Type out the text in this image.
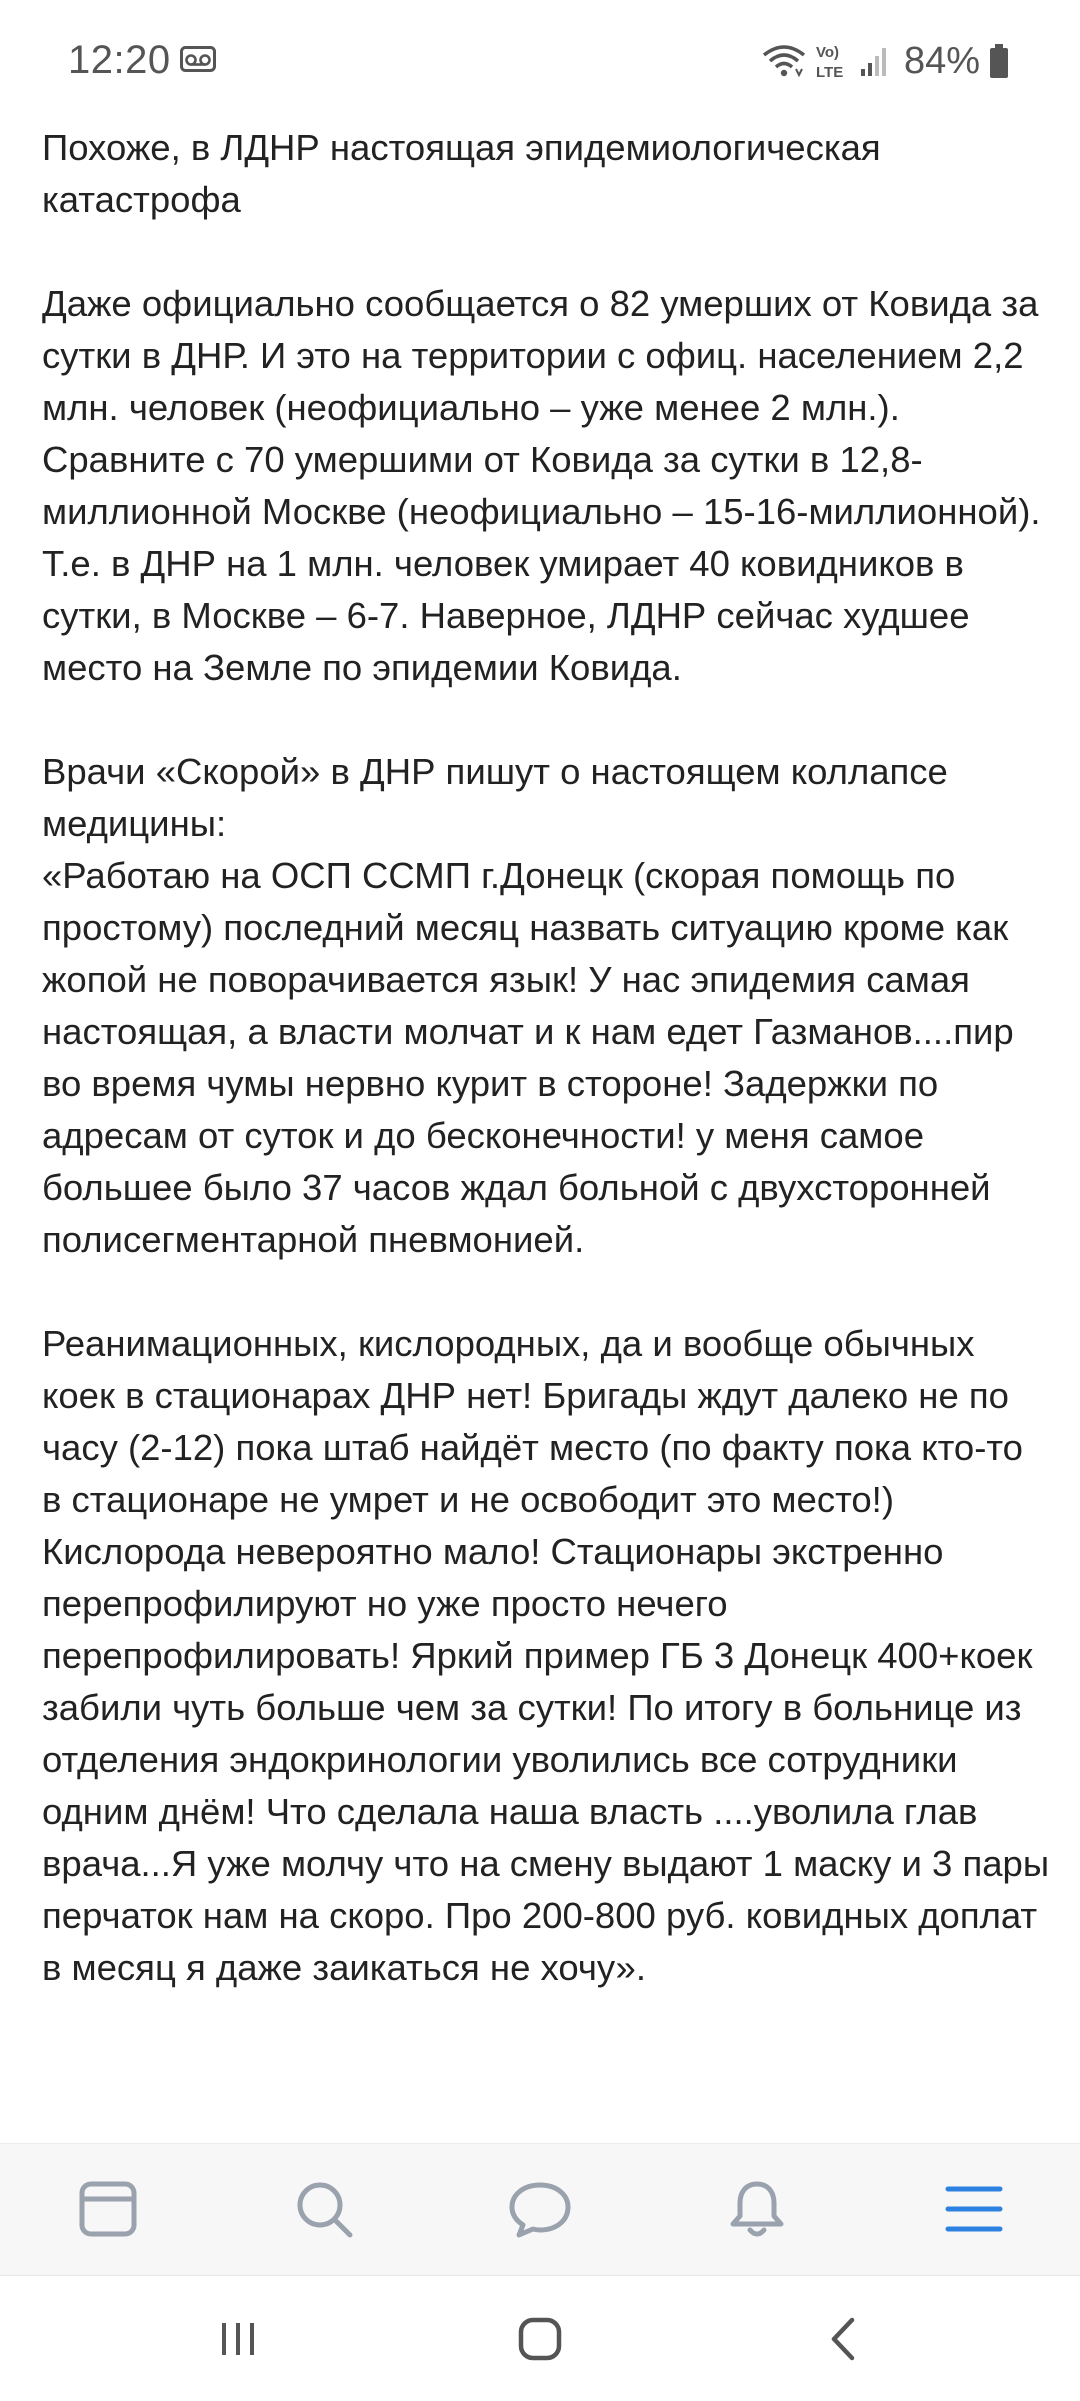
12:20	Vo)
LTE 84%

Похоже, в ЛДНР настоящая эпидемиологическая катастрофа

Даже официально сообщается о 82 умерших от Ковида за сутки в ДНР. И это на территории с офиц. населением 2,2 млн. человек (неофициально – уже менее 2 млн.). Сравните с 70 умершими от Ковида за сутки в 12,8-миллионной Москве (неофициально – 15-16-миллионной). Т.е. в ДНР на 1 млн. человек умирает 40 ковидников в сутки, в Москве – 6-7. Наверное, ЛДНР сейчас худшее место на Земле по эпидемии Ковида.

Врачи «Скорой» в ДНР пишут о настоящем коллапсе медицины:

«Работаю на ОСП ССМП г.Донецк (скорая помощь по простому) последний месяц назвать ситуацию кроме как жопой не поворачивается язык! У нас эпидемия самая настоящая, а власти молчат и к нам едет Газманов....пир во время чумы нервно курит в стороне! Задержки по адресам от суток и до бесконечности! у меня самое большее было 37 часов ждал больной с двухсторонней полисегментарной пневмонией.

Реанимационных, кислородных, да и вообще обычных коек в стационарах ДНР нет! Бригады ждут далеко не по часу (2-12) пока штаб найдёт место (по факту пока кто-то в стационаре не умрет и не освободит это место!) Кислорода невероятно мало! Стационары экстренно перепрофилируют но уже просто нечего перепрофилировать! Яркий пример ГБ 3 Донецк 400+коек забили чуть больше чем за сутки! По итогу в больнице из отделения эндокринологии уволились все сотрудники одним днём! Что сделала наша власть ....уволила глав врача...Я уже молчу что на смену выдают 1 маску и 3 пары перчаток нам на скоро. Про 200-800 руб. ковидных доплат в месяц я даже заикаться не хочу».
